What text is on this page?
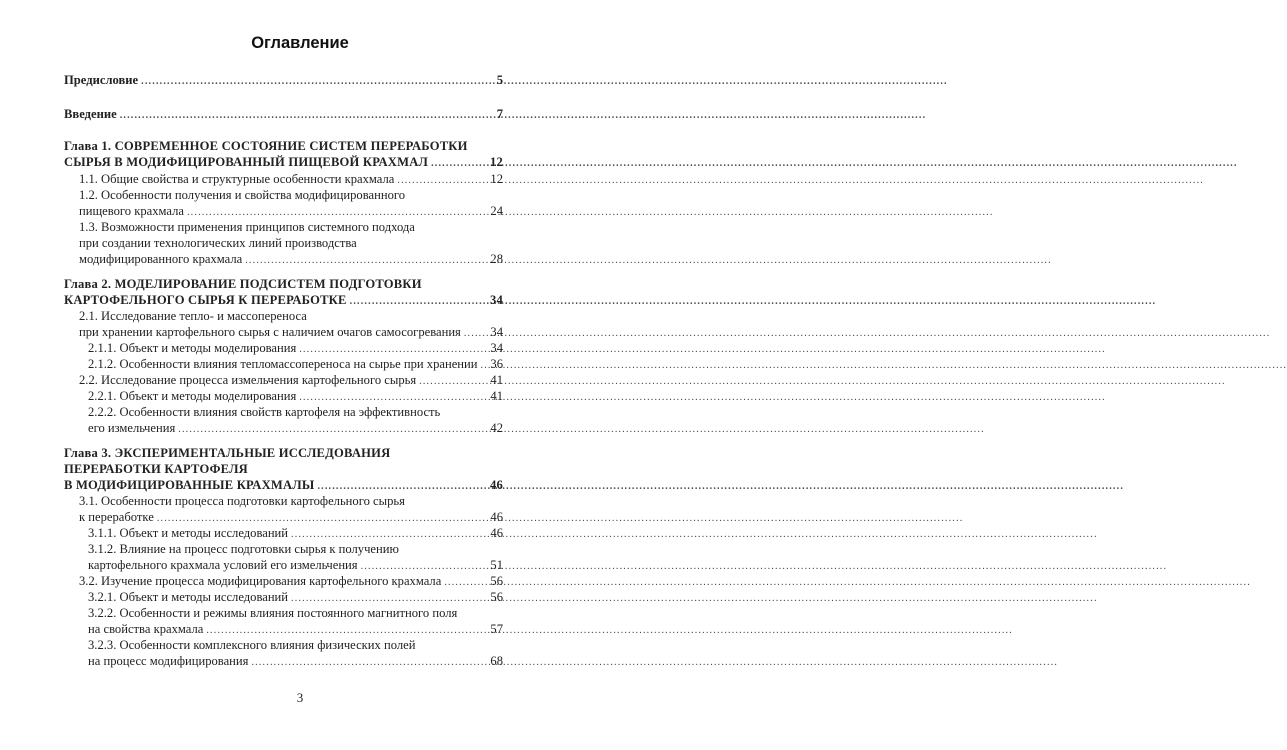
Оглавление
Предисловие .....	5
Введение .....	7
Глава 1. СОВРЕМЕННОЕ СОСТОЯНИЕ СИСТЕМ ПЕРЕРАБОТКИ
СЫРЬЯ В МОДИФИЦИРОВАННЫЙ ПИЩЕВОЙ КРАХМАЛ .....	12
1.1. Общие свойства и структурные особенности крахмала .....	12
1.2. Особенности получения и свойства модифицированного
пищевого крахмала .....	24
1.3. Возможности применения принципов системного подхода
при создании технологических линий производства
модифицированного крахмала .....	28
Глава 2. МОДЕЛИРОВАНИЕ ПОДСИСТЕМ ПОДГОТОВКИ
КАРТОФЕЛЬНОГО СЫРЬЯ К ПЕРЕРАБОТКЕ .....	34
2.1. Исследование тепло- и массопереноса
при хранении картофельного сырья с наличием очагов самосогревания ..... 34
2.1.1. Объект и методы моделирования .....	34
2.1.2. Особенности влияния тепломассопереноса на сырье при хранении ..... 36
2.2. Исследование процесса измельчения картофельного сырья .....	41
2.2.1. Объект и методы моделирования .....	41
2.2.2. Особенности влияния свойств картофеля на эффективность
его измельчения .....	42
Глава 3. ЭКСПЕРИМЕНТАЛЬНЫЕ ИССЛЕДОВАНИЯ
ПЕРЕРАБОТКИ КАРТОФЕЛЯ
В МОДИФИЦИРОВАННЫЕ КРАХМАЛЫ .....	46
3.1. Особенности процесса подготовки картофельного сырья
к переработке .....	46
3.1.1. Объект и методы исследований .....	46
3.1.2. Влияние на процесс подготовки сырья к получению
картофельного крахмала условий его измельчения .....	51
3.2. Изучение процесса модифицирования картофельного крахмала .....	56
3.2.1. Объект и методы исследований .....	56
3.2.2. Особенности и режимы влияния постоянного магнитного поля
на свойства крахмала .....	57
3.2.3. Особенности комплексного влияния физических полей
на процесс модифицирования .....	68
3
